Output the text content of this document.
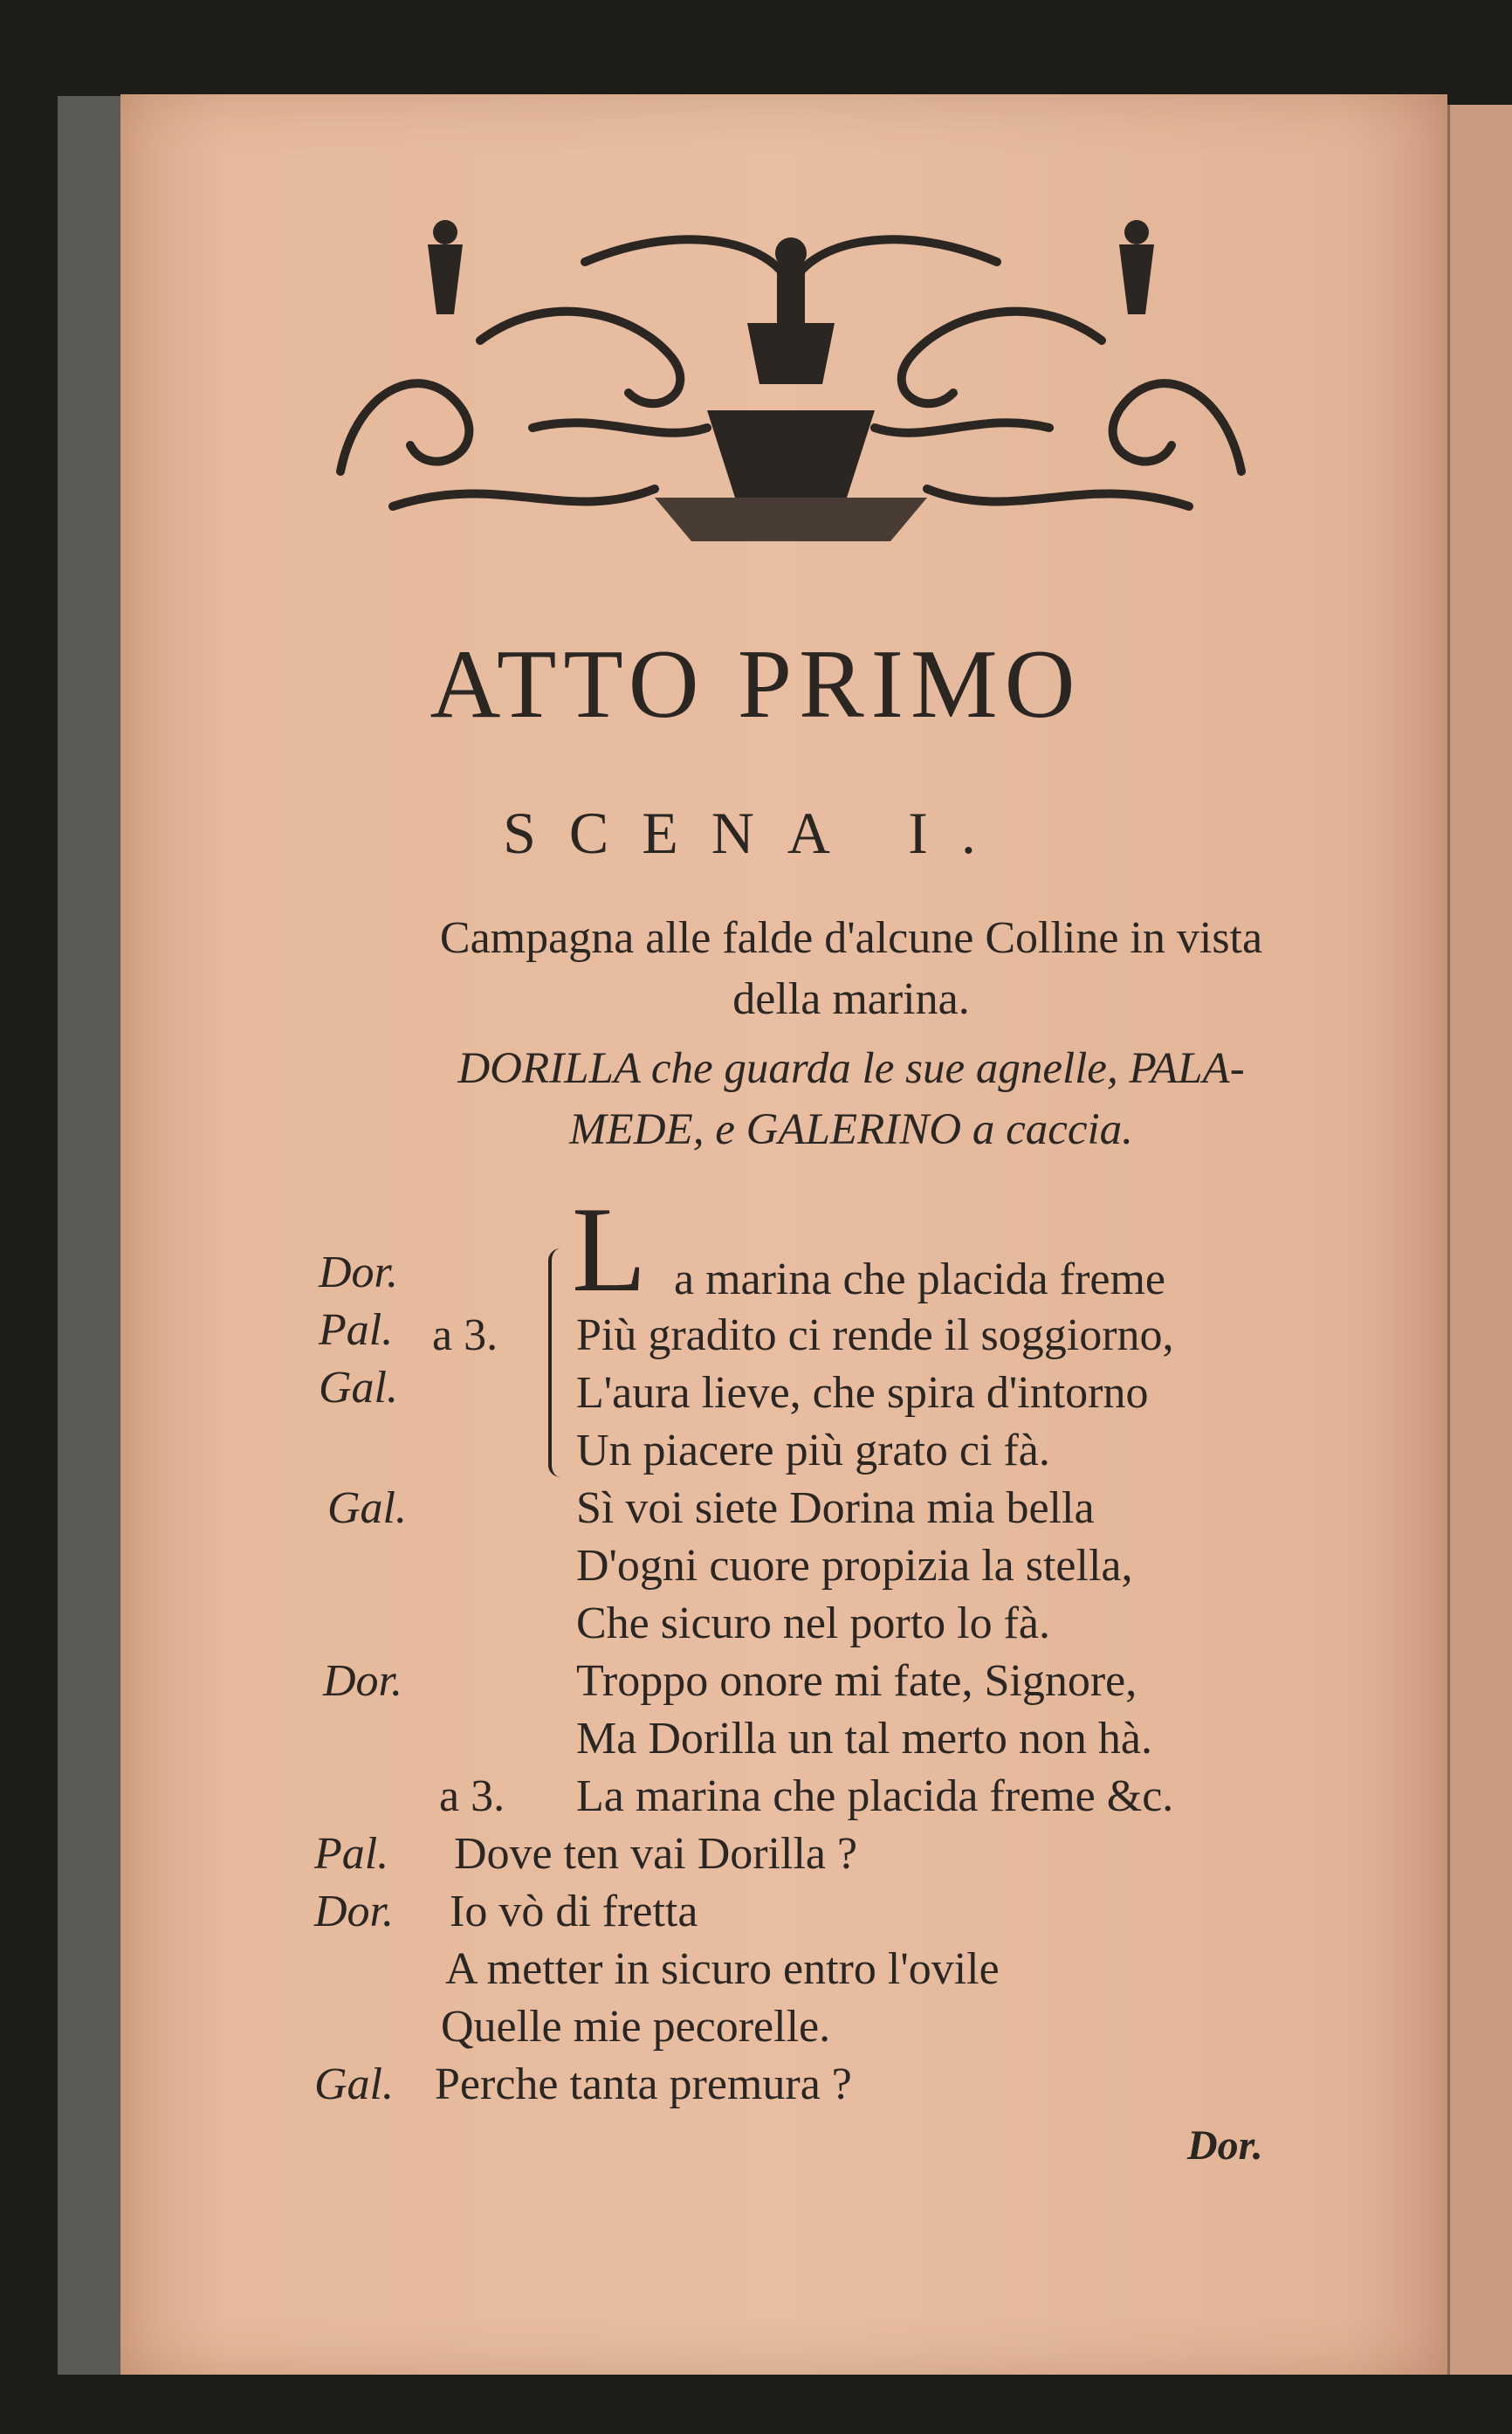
ATTO PRIMO
SCENA I.
Campagna alle falde d'alcune Colline in vista
della marina.
DORILLA che guarda le sue agnelle, PALA-
MEDE, e GALERINO a caccia.
Dor.
Pal. a 3.
Gal.
L a marina che placida freme
Più gradito ci rende il soggiorno,
L'aura lieve, che spira d'intorno
Un piacere più grato ci fà.
Gal.	Sì voi siete Dorina mia bella
D'ogni cuore propizia la stella,
Che sicuro nel porto lo fà.
Dor.	Troppo onore mi fate, Signore,
Ma Dorilla un tal merto non hà.
a 3. La marina che placida freme &c.
Pal. Dove ten vai Dorilla ?
Dor. Io vò di fretta
A metter in sicuro entro l'ovile
Quelle mie pecorelle.
Gal. Perche tanta premura ?
Dor.
